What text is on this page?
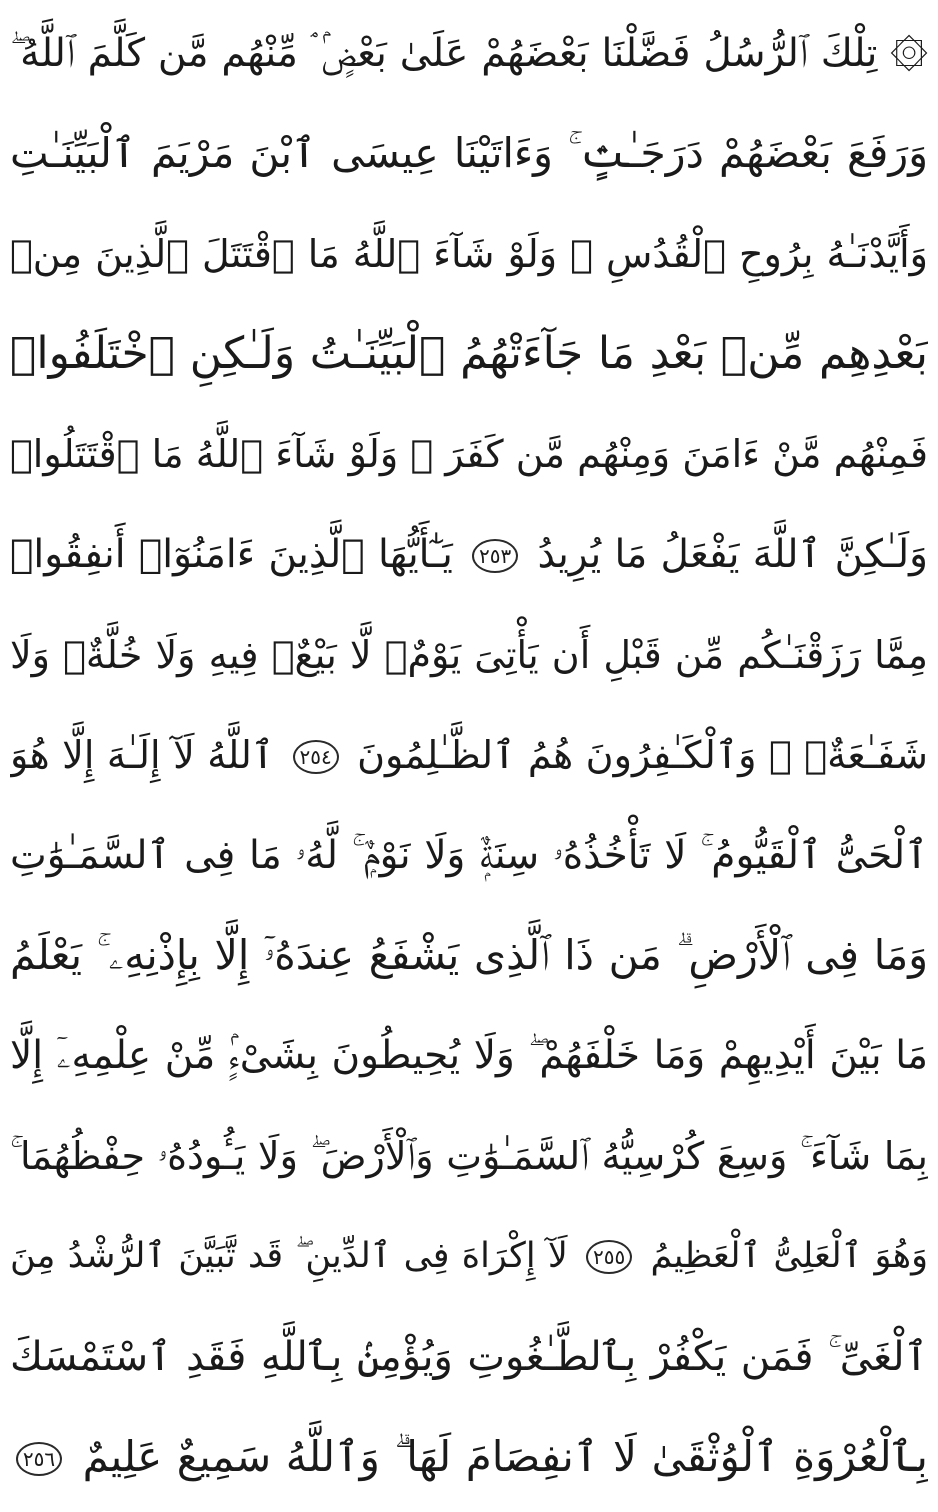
۞ تِلْكَ ٱلرُّسُلُ فَضَّلْنَا بَعْضَهُمْ عَلَىٰ بَعْضٍۢ ۘ مِّنْهُم مَّن كَلَّمَ ٱللَّهُ ۖ
وَرَفَعَ بَعْضَهُمْ دَرَجَـٰتٍۢ ۚ وَءَاتَيْنَا عِيسَى ٱبْنَ مَرْيَمَ ٱلْبَيِّنَـٰتِ
وَأَيَّدْنَـٰهُ بِرُوحِ ٱلْقُدُسِ ۗ وَلَوْ شَآءَ ٱللَّهُ مَا ٱقْتَتَلَ ٱلَّذِينَ مِنۢ
بَعْدِهِم مِّنۢ بَعْدِ مَا جَآءَتْهُمُ ٱلْبَيِّنَـٰتُ وَلَـٰكِنِ ٱخْتَلَفُوا۟
فَمِنْهُم مَّنْ ءَامَنَ وَمِنْهُم مَّن كَفَرَ ۚ وَلَوْ شَآءَ ٱللَّهُ مَا ٱقْتَتَلُوا۟
وَلَـٰكِنَّ ٱللَّهَ يَفْعَلُ مَا يُرِيدُ ٢٥٣ يَـٰٓأَيُّهَا ٱلَّذِينَ ءَامَنُوٓا۟ أَنفِقُوا۟
مِمَّا رَزَقْنَـٰكُم مِّن قَبْلِ أَن يَأْتِىَ يَوْمٌۭ لَّا بَيْعٌۭ فِيهِ وَلَا خُلَّةٌۭ وَلَا
شَفَـٰعَةٌۭ ۗ وَٱلْكَـٰفِرُونَ هُمُ ٱلظَّـٰلِمُونَ ٢٥٤ ٱللَّهُ لَآ إِلَـٰهَ إِلَّا هُوَ
ٱلْحَىُّ ٱلْقَيُّومُ ۚ لَا تَأْخُذُهُۥ سِنَةٌۭ وَلَا نَوْمٌۭ ۚ لَّهُۥ مَا فِى ٱلسَّمَـٰوَٰتِ
وَمَا فِى ٱلْأَرْضِ ۗ مَن ذَا ٱلَّذِى يَشْفَعُ عِندَهُۥٓ إِلَّا بِإِذْنِهِۦ ۚ يَعْلَمُ
مَا بَيْنَ أَيْدِيهِمْ وَمَا خَلْفَهُمْ ۖ وَلَا يُحِيطُونَ بِشَىْءٍۢ مِّنْ عِلْمِهِۦٓ إِلَّا
بِمَا شَآءَ ۚ وَسِعَ كُرْسِيُّهُ ٱلسَّمَـٰوَٰتِ وَٱلْأَرْضَ ۖ وَلَا يَـُٔودُهُۥ حِفْظُهُمَا ۚ
وَهُوَ ٱلْعَلِىُّ ٱلْعَظِيمُ ٢٥٥ لَآ إِكْرَاهَ فِى ٱلدِّينِ ۖ قَد تَّبَيَّنَ ٱلرُّشْدُ مِنَ
ٱلْغَىِّ ۚ فَمَن يَكْفُرْ بِٱلطَّـٰغُوتِ وَيُؤْمِنۢ بِٱللَّهِ فَقَدِ ٱسْتَمْسَكَ
بِٱلْعُرْوَةِ ٱلْوُثْقَىٰ لَا ٱنفِصَامَ لَهَا ۗ وَٱللَّهُ سَمِيعٌ عَلِيمٌ ٢٥٦
